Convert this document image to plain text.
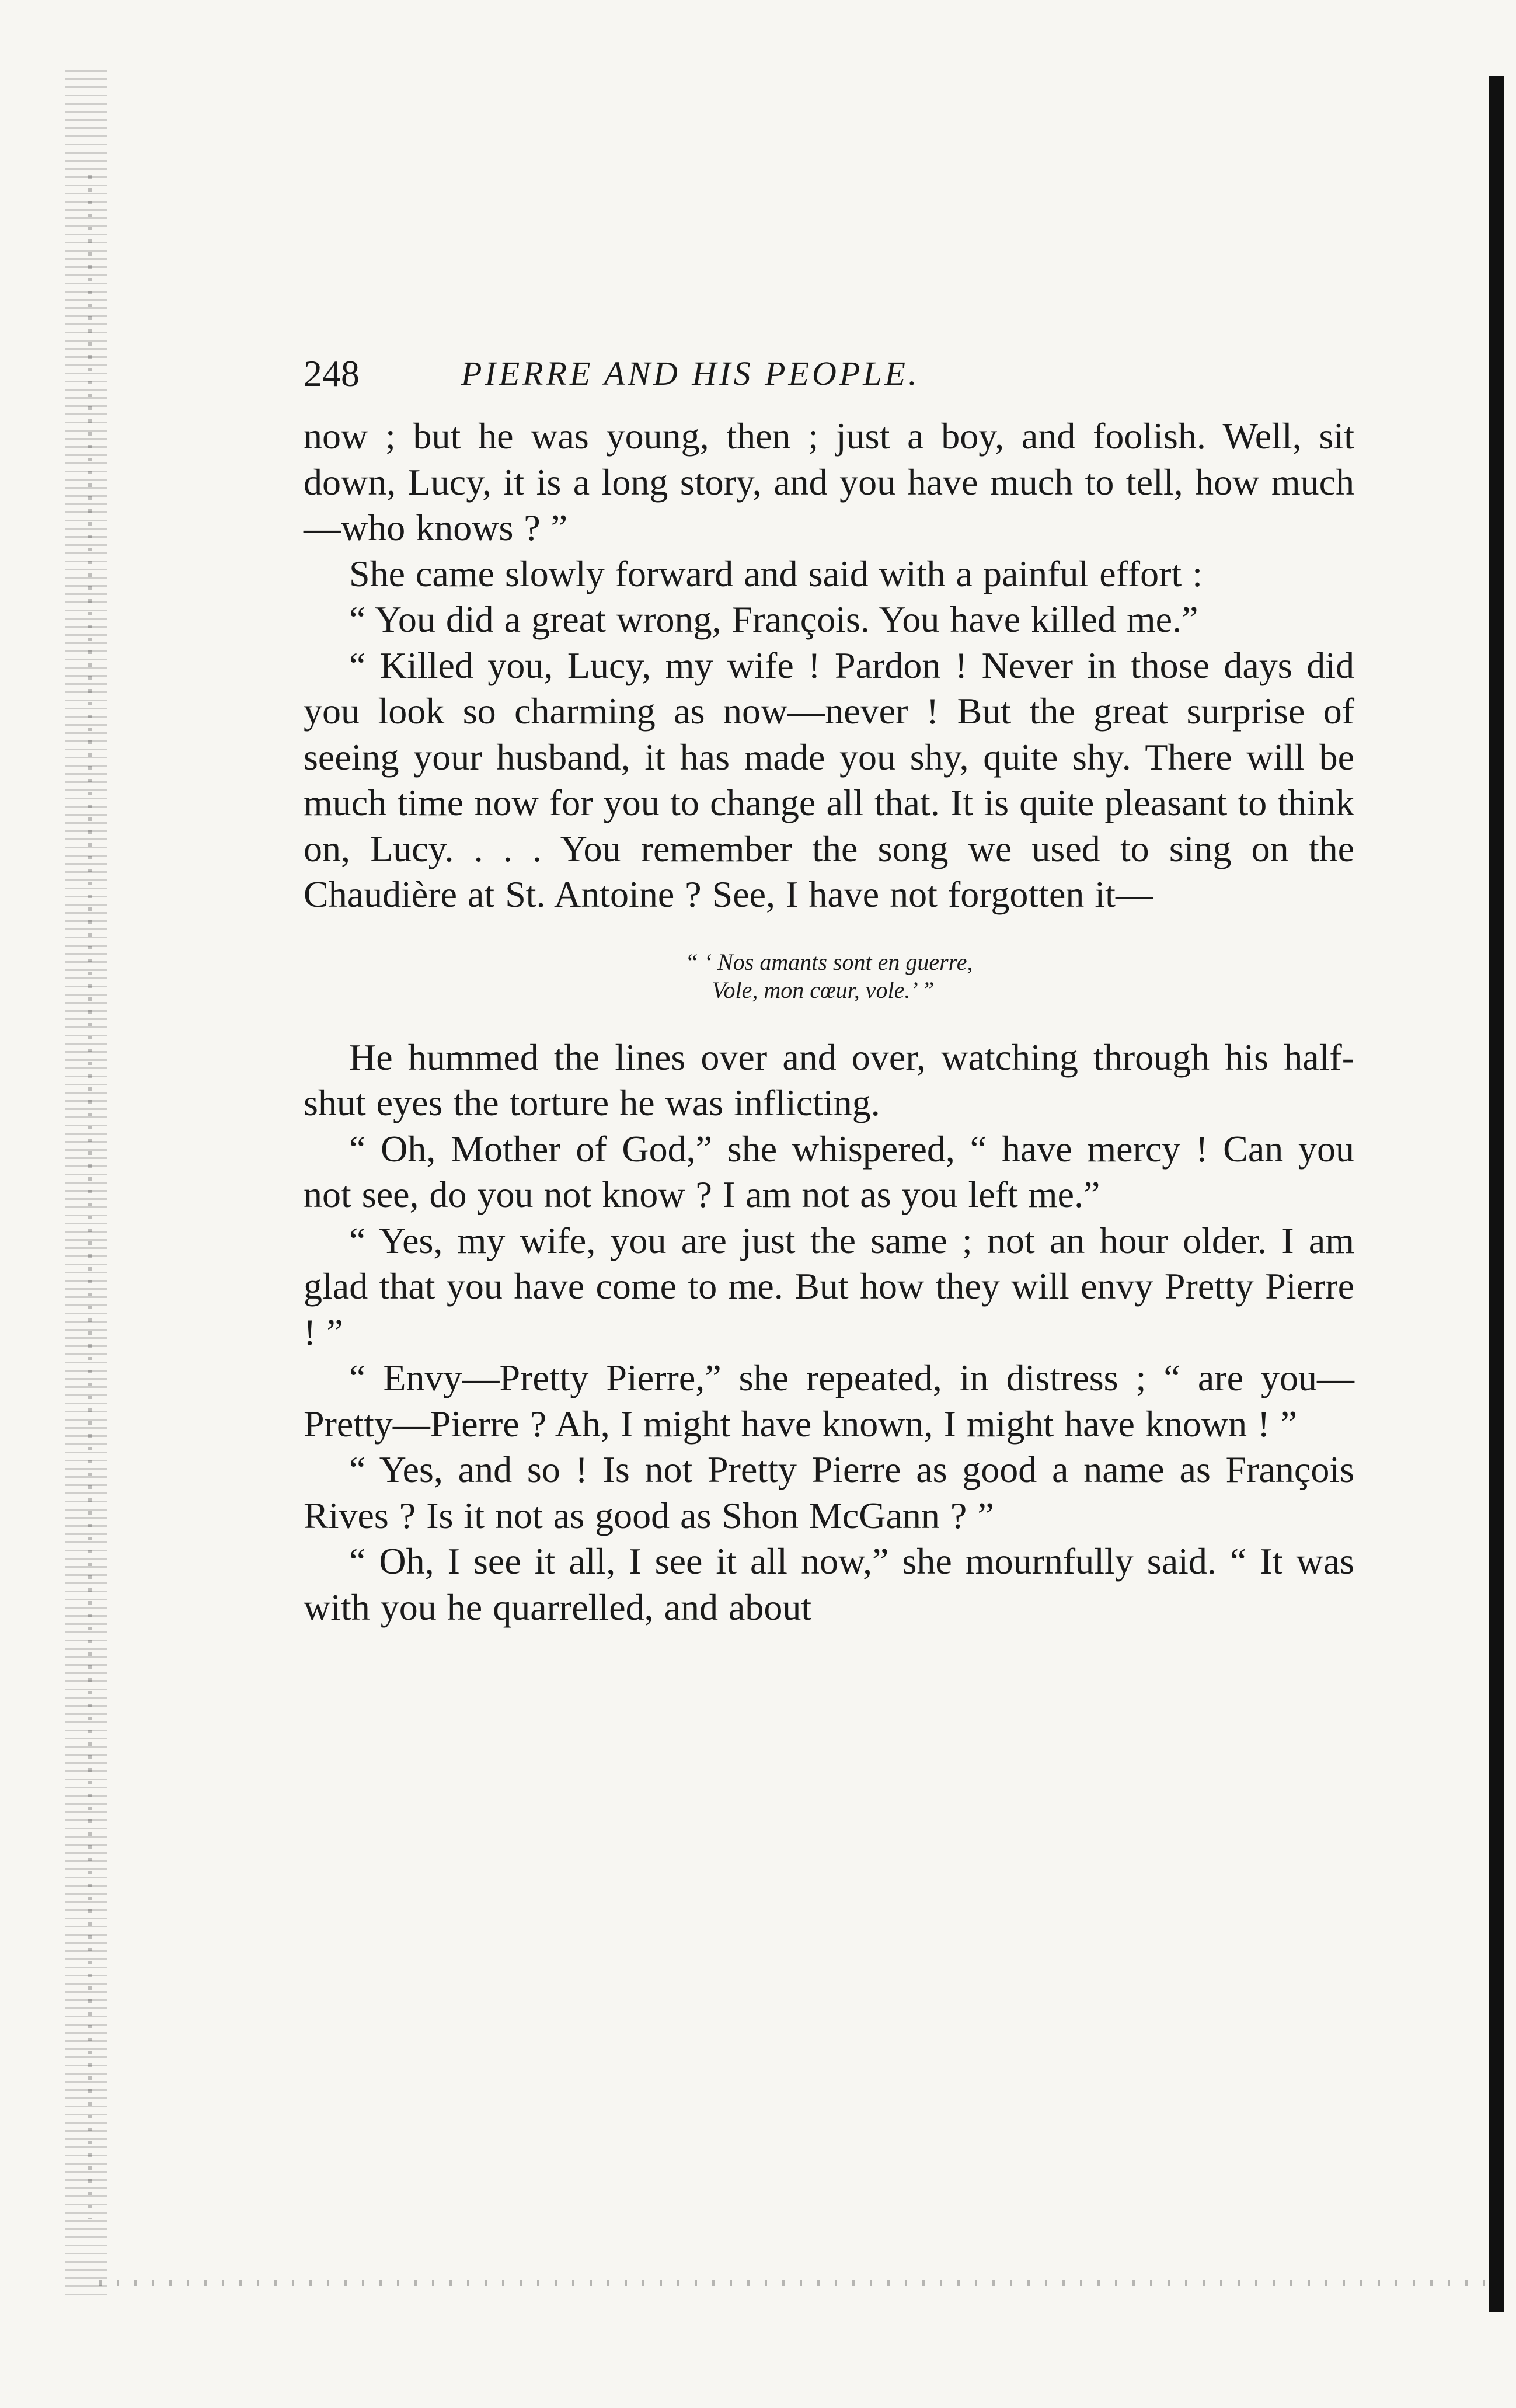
248	PIERRE AND HIS PEOPLE.

now ; but he was young, then ; just a boy, and foolish. Well, sit down, Lucy, it is a long story, and you have much to tell, how much—who knows ? ”

She came slowly forward and said with a painful effort :

“ You did a great wrong, François. You have killed me.”

“ Killed you, Lucy, my wife ! Pardon ! Never in those days did you look so charming as now—never ! But the great surprise of seeing your husband, it has made you shy, quite shy. There will be much time now for you to change all that. It is quite pleasant to think on, Lucy. . . . You remember the song we used to sing on the Chaudière at St. Antoine ? See, I have not forgotten it—

“ ‘ Nos amants sont en guerre,
Vole, mon cœur, vole.’ ”

He hummed the lines over and over, watching through his half-shut eyes the torture he was inflicting.

“ Oh, Mother of God,” she whispered, “ have mercy ! Can you not see, do you not know ? I am not as you left me.”

“ Yes, my wife, you are just the same ; not an hour older. I am glad that you have come to me. But how they will envy Pretty Pierre ! ”

“ Envy—Pretty Pierre,” she repeated, in distress ; “ are you—Pretty—Pierre ? Ah, I might have known, I might have known ! ”

“ Yes, and so ! Is not Pretty Pierre as good a name as François Rives ? Is it not as good as Shon McGann ? ”

“ Oh, I see it all, I see it all now,” she mournfully said. “ It was with you he quarrelled, and about
